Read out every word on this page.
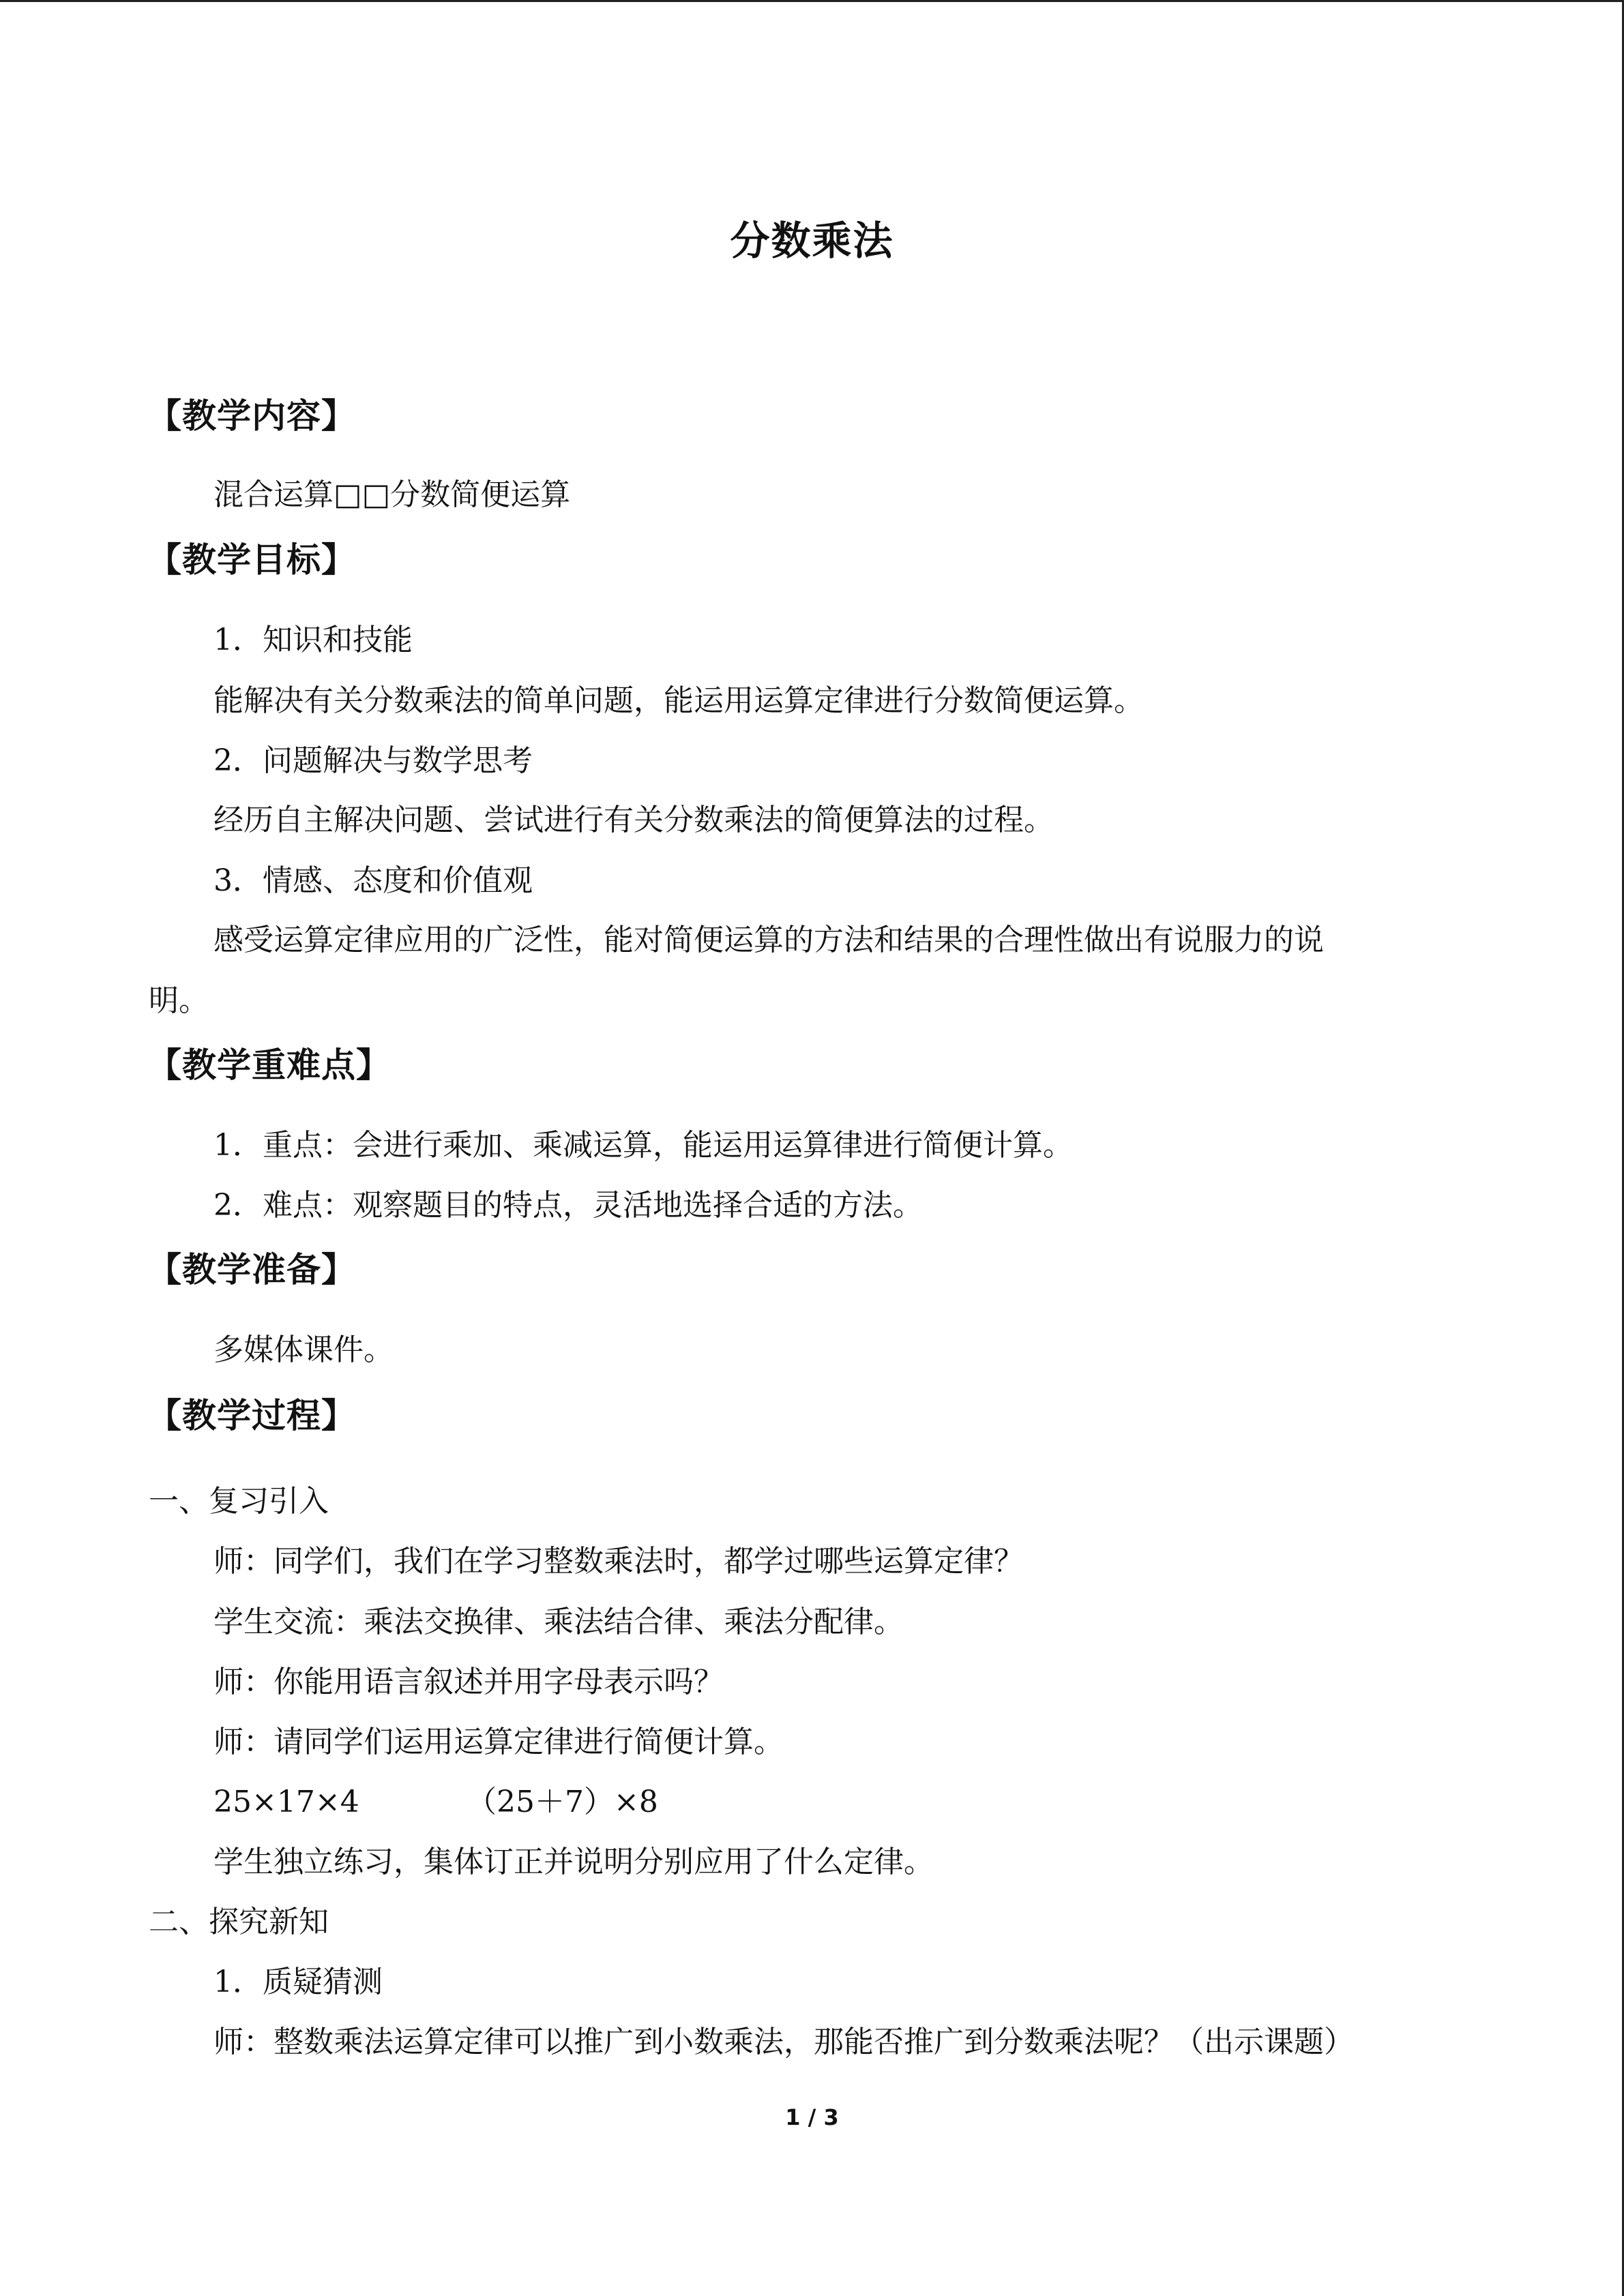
分数乘法
【教学内容】
混合运算□□分数简便运算
【教学目标】
1．知识和技能
能解决有关分数乘法的简单问题，能运用运算定律进行分数简便运算。
2．问题解决与数学思考
经历自主解决问题、尝试进行有关分数乘法的简便算法的过程。
3．情感、态度和价值观
感受运算定律应用的广泛性，能对简便运算的方法和结果的合理性做出有说服力的说
明。
【教学重难点】
1．重点：会进行乘加、乘减运算，能运用运算律进行简便计算。
2．难点：观察题目的特点，灵活地选择合适的方法。
【教学准备】
多媒体课件。
【教学过程】
一、复习引入
师：同学们，我们在学习整数乘法时，都学过哪些运算定律？
学生交流：乘法交换律、乘法结合律、乘法分配律。
师：你能用语言叙述并用字母表示吗？
师：请同学们运用运算定律进行简便计算。
25×17×4	（25＋7）×8
学生独立练习，集体订正并说明分别应用了什么定律。
二、探究新知
1．质疑猜测
师：整数乘法运算定律可以推广到小数乘法，那能否推广到分数乘法呢？（出示课题）
1 / 3
